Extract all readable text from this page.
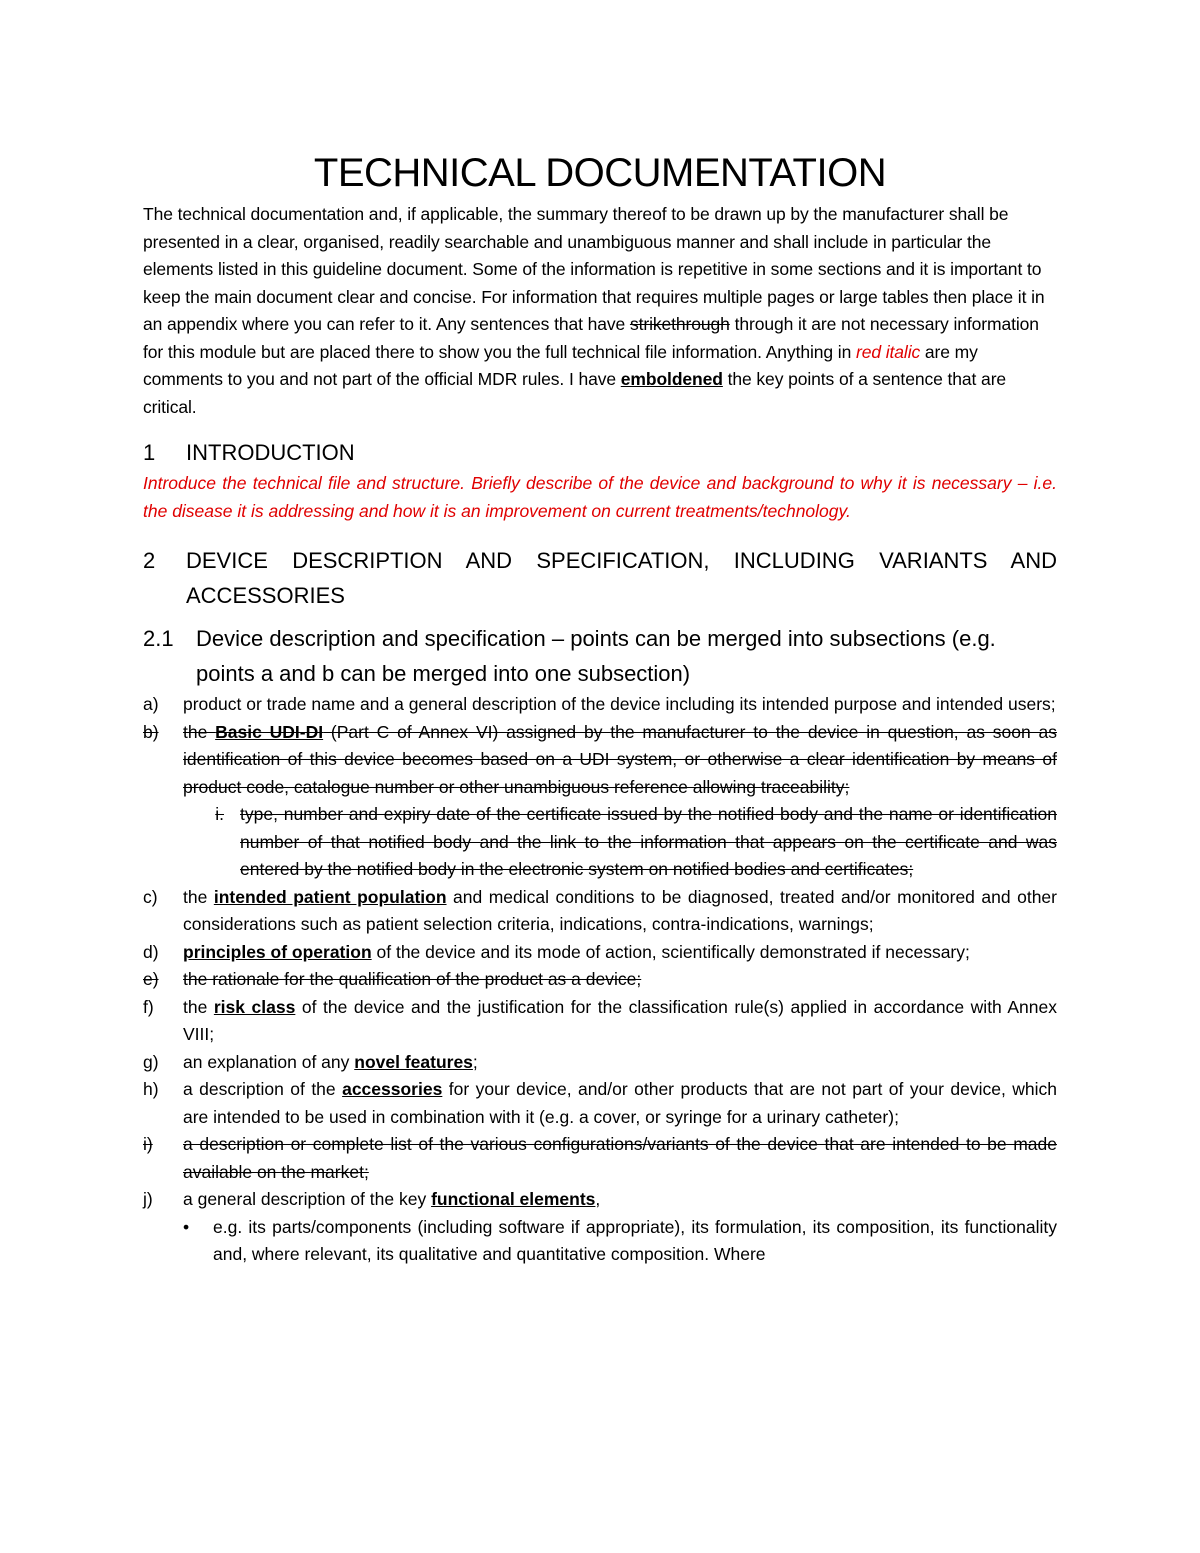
TECHNICAL DOCUMENTATION

The technical documentation and, if applicable, the summary thereof to be drawn up by the manufacturer shall be presented in a clear, organised, readily searchable and unambiguous manner and shall include in particular the elements listed in this guideline document. Some of the information is repetitive in some sections and it is important to keep the main document clear and concise. For information that requires multiple pages or large tables then place it in an appendix where you can refer to it. Any sentences that have strikethrough through it are not necessary information for this module but are placed there to show you the full technical file information. Anything in red italic are my comments to you and not part of the official MDR rules. I have emboldened the key points of a sentence that are critical.

1	INTRODUCTION

Introduce the technical file and structure. Briefly describe of the device and background to why it is necessary – i.e. the disease it is addressing and how it is an improvement on current treatments/technology.

2	DEVICE DESCRIPTION AND SPECIFICATION, INCLUDING VARIANTS AND ACCESSORIES
2.1	Device description and specification – points can be merged into subsections (e.g. points a and b can be merged into one subsection)
a)	product or trade name and a general description of the device including its intended purpose and intended users;
b)	the Basic UDI-DI (Part C of Annex VI) assigned by the manufacturer to the device in question, as soon as identification of this device becomes based on a UDI system, or otherwise a clear identification by means of product code, catalogue number or other unambiguous reference allowing traceability;
i. type, number and expiry date of the certificate issued by the notified body and the name or identification number of that notified body and the link to the information that appears on the certificate and was entered by the notified body in the electronic system on notified bodies and certificates;
c)	the intended patient population and medical conditions to be diagnosed, treated and/or monitored and other considerations such as patient selection criteria, indications, contra-indications, warnings;
d)	principles of operation of the device and its mode of action, scientifically demonstrated if necessary;
e)	the rationale for the qualification of the product as a device;
f)	the risk class of the device and the justification for the classification rule(s) applied in accordance with Annex VIII;
g)	an explanation of any novel features;
h)	a description of the accessories for your device, and/or other products that are not part of your device, which are intended to be used in combination with it (e.g. a cover, or syringe for a urinary catheter);
i)	a description or complete list of the various configurations/variants of the device that are intended to be made available on the market;
j)	a general description of the key functional elements,
•	e.g. its parts/components (including software if appropriate), its formulation, its composition, its functionality and, where relevant, its qualitative and quantitative composition. Where
